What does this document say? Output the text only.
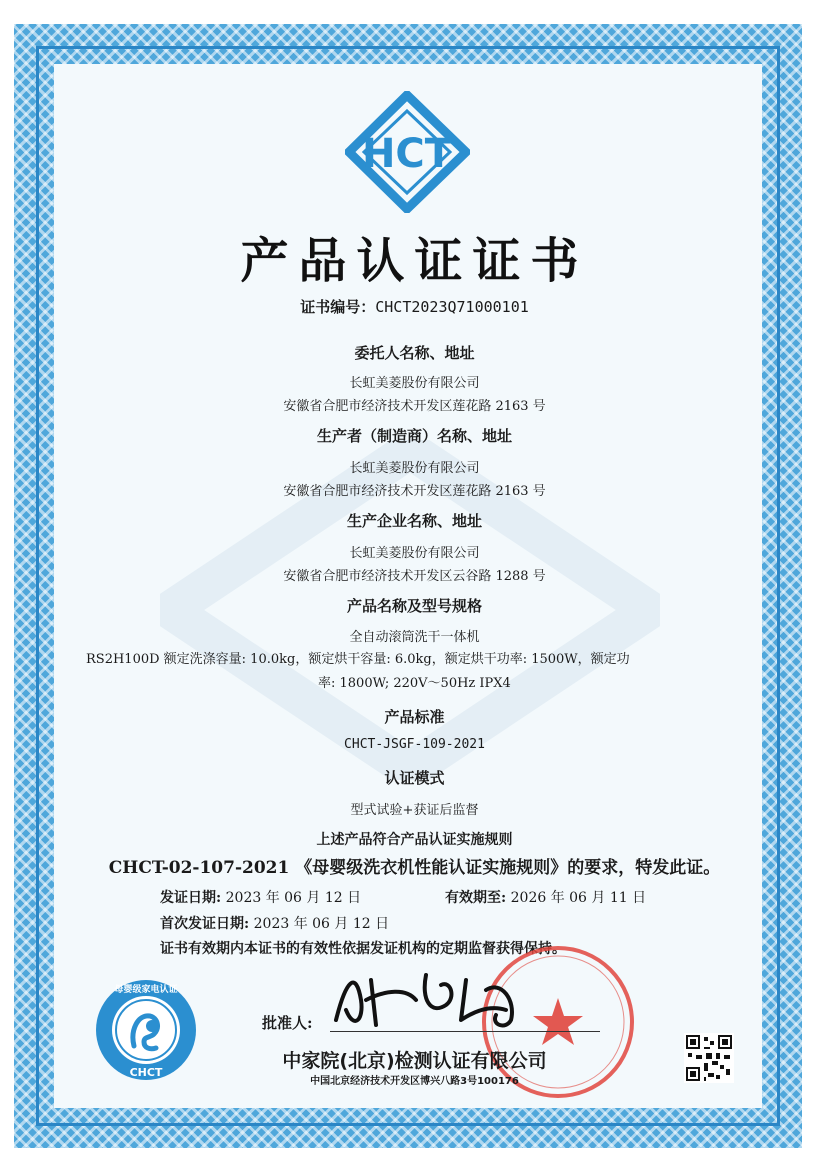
HCT
产品认证证书
证书编号：CHCT2023Q71000101
委托人名称、地址
长虹美菱股份有限公司
安徽省合肥市经济技术开发区莲花路 2163 号
生产者（制造商）名称、地址
长虹美菱股份有限公司
安徽省合肥市经济技术开发区莲花路 2163 号
生产企业名称、地址
长虹美菱股份有限公司
安徽省合肥市经济技术开发区云谷路 1288 号
产品名称及型号规格
全自动滚筒洗干一体机
RS2H100D 额定洗涤容量: 10.0kg，额定烘干容量: 6.0kg，额定烘干功率: 1500W，额定功
率: 1800W; 220V～50Hz IPX4
产品标准
CHCT-JSGF-109-2021
认证模式
型式试验+获证后监督
上述产品符合产品认证实施规则
CHCT-02-107-2021 《母婴级洗衣机性能认证实施规则》的要求，特发此证。
发证日期: 2023 年 06 月 12 日	有效期至: 2026 年 06 月 11 日
首次发证日期: 2023 年 06 月 12 日
证书有效期内本证书的有效性依据发证机构的定期监督获得保持。
CHCT
母婴级家电认证
批准人:
中家院(北京)检测认证有限公司
中国北京经济技术开发区博兴八路3号100176
